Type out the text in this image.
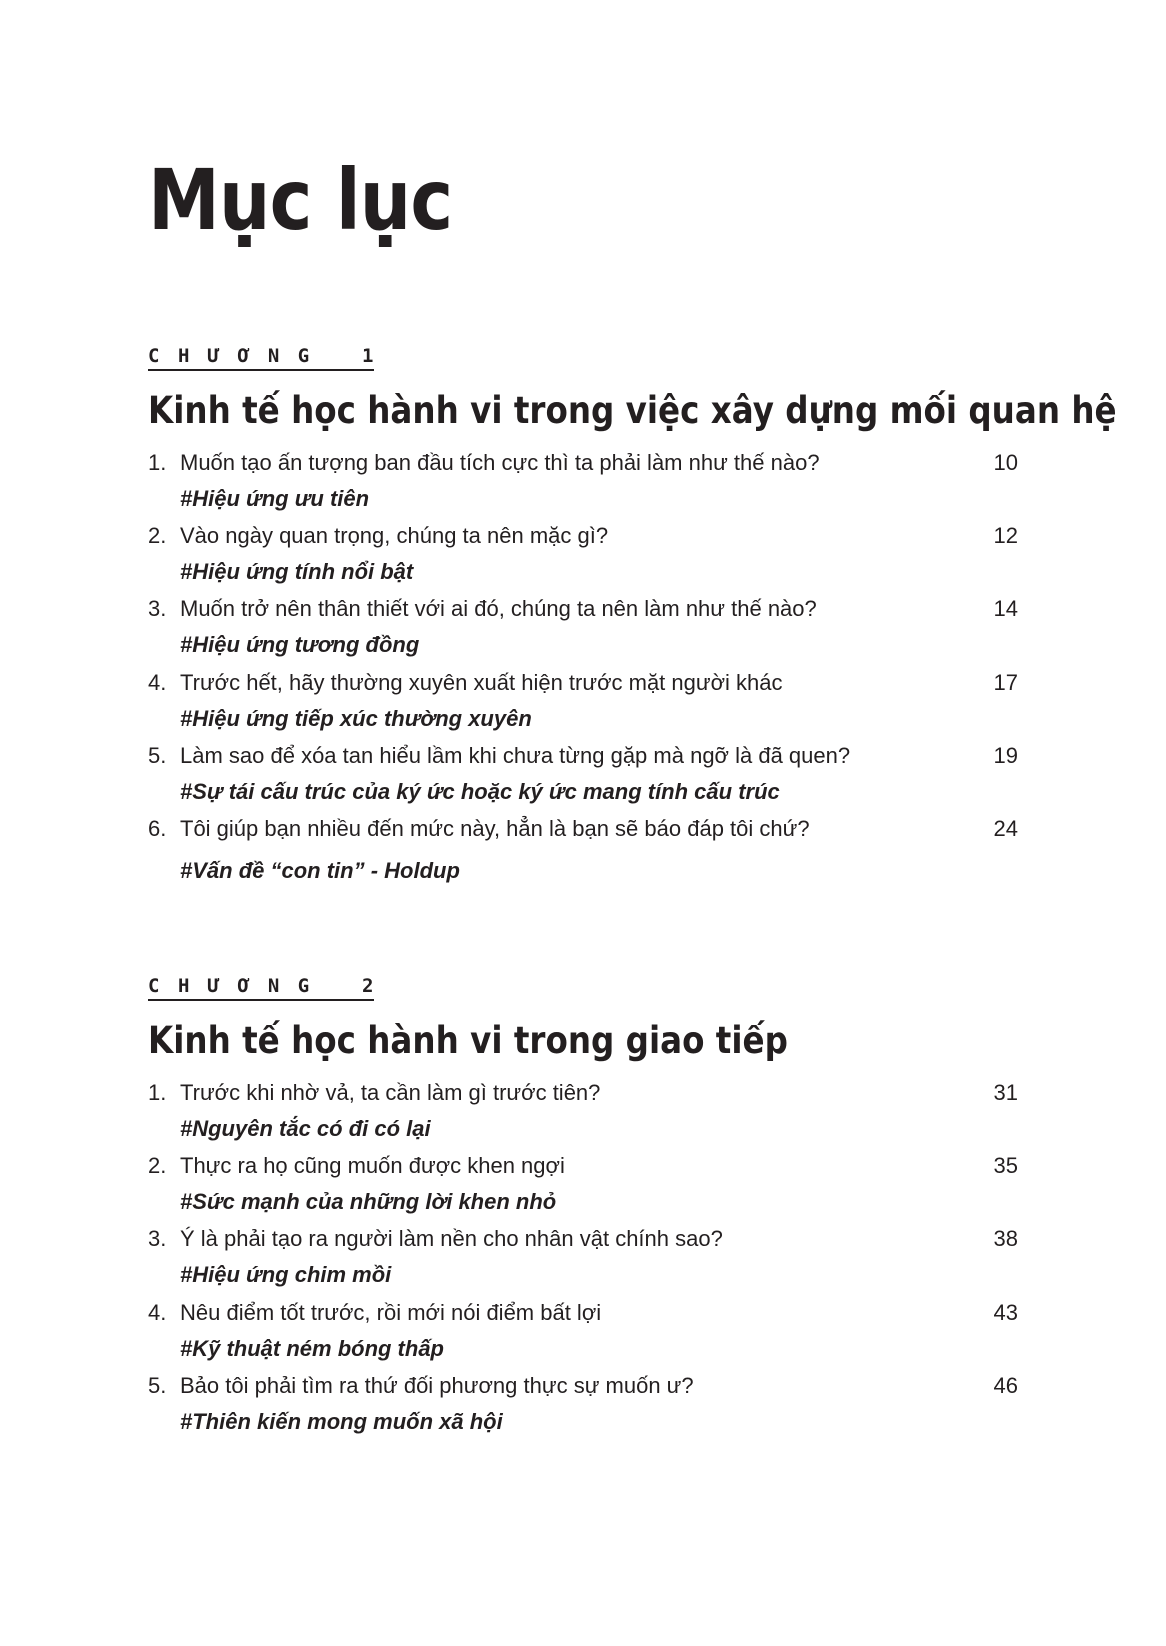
Mục lục
CHƯƠNG 1
Kinh tế học hành vi trong việc xây dựng mối quan hệ
1. Muốn tạo ấn tượng ban đầu tích cực thì ta phải làm như thế nào?	10
#Hiệu ứng ưu tiên
2. Vào ngày quan trọng, chúng ta nên mặc gì?	12
#Hiệu ứng tính nổi bật
3. Muốn trở nên thân thiết với ai đó, chúng ta nên làm như thế nào?	14
#Hiệu ứng tương đồng
4. Trước hết, hãy thường xuyên xuất hiện trước mặt người khác	17
#Hiệu ứng tiếp xúc thường xuyên
5. Làm sao để xóa tan hiểu lầm khi chưa từng gặp mà ngỡ là đã quen?	19
#Sự tái cấu trúc của ký ức hoặc ký ức mang tính cấu trúc
6. Tôi giúp bạn nhiều đến mức này, hẳn là bạn sẽ báo đáp tôi chứ?	24
#Vấn đề “con tin” - Holdup
CHƯƠNG 2
Kinh tế học hành vi trong giao tiếp
1. Trước khi nhờ vả, ta cần làm gì trước tiên?	31
#Nguyên tắc có đi có lại
2. Thực ra họ cũng muốn được khen ngợi	35
#Sức mạnh của những lời khen nhỏ
3. Ý là phải tạo ra người làm nền cho nhân vật chính sao?	38
#Hiệu ứng chim mồi
4. Nêu điểm tốt trước, rồi mới nói điểm bất lợi	43
#Kỹ thuật ném bóng thấp
5. Bảo tôi phải tìm ra thứ đối phương thực sự muốn ư?	46
#Thiên kiến mong muốn xã hội
